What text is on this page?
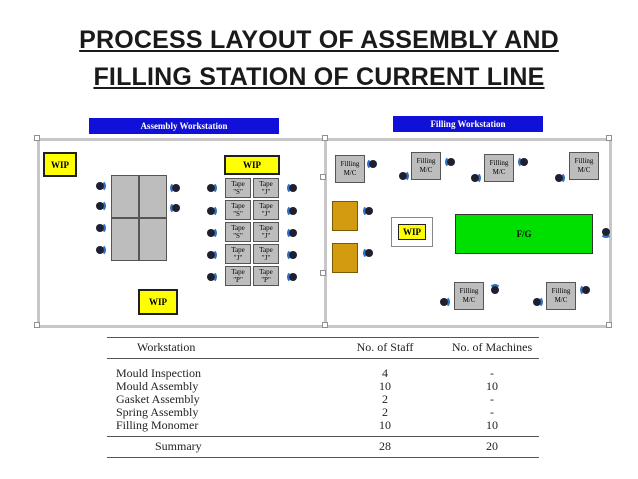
PROCESS LAYOUT OF ASSEMBLY AND
FILLING STATION OF CURRENT LINE
Assembly Workstation	Filling Workstation
WIP	WIP
WIP
Tape
"S"
Tape
"J"
Tape
"S"
Tape
"J"
Tape
"S"
Tape
"J"
Tape
"J"
Tape
"J"
Tape
"P"
Tape
"P"
Filling
M/C
Filling
M/C
Filling
M/C
Filling
M/C
Filling
M/C
Filling
M/C
WIP	F/G
Workstation	No. of Staff	No. of Machines
Mould Inspection	4	-
Mould Assembly	10	10
Gasket Assembly	2	-
Spring Assembly	2	-
Filling Monomer	10	10
Summary	28	20
